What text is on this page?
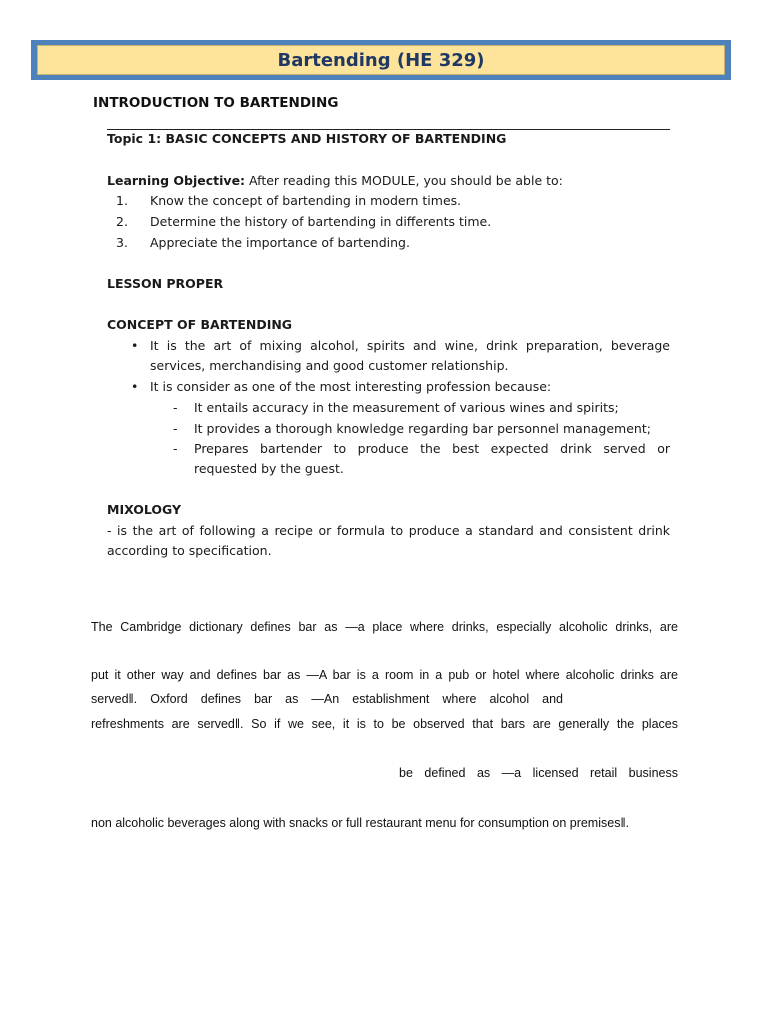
Bartending (HE 329)
INTRODUCTION TO BARTENDING
Topic 1: BASIC CONCEPTS AND HISTORY OF BARTENDING
Learning Objective: After reading this MODULE, you should be able to:
1. Know the concept of bartending in modern times.
2. Determine the history of bartending in differents time.
3. Appreciate the importance of bartending.
LESSON PROPER
CONCEPT OF BARTENDING
• It is the art of mixing alcohol, spirits and wine, drink preparation, beverage
services, merchandising and good customer relationship.
• It is consider as one of the most interesting profession because:
- It entails accuracy in the measurement of various wines and spirits;
- It provides a thorough knowledge regarding bar personnel management;
- Prepares bartender to produce the best expected drink served or
requested by the guest.
MIXOLOGY
- is the art of following a recipe or formula to produce a standard and consistent drink
according to specification.
The Cambridge dictionary defines bar as ―a place where drinks, especially alcoholic drinks, are
put it other way and defines bar as ―A bar is a room in a pub or hotel where alcoholic drinks are
served‖. Oxford defines bar as ―An establishment where alcohol and
refreshments are served‖. So if we see, it is to be observed that bars are generally the places
be defined as ―a licensed retail business
non alcoholic beverages along with snacks or full restaurant menu for consumption on premises‖.
